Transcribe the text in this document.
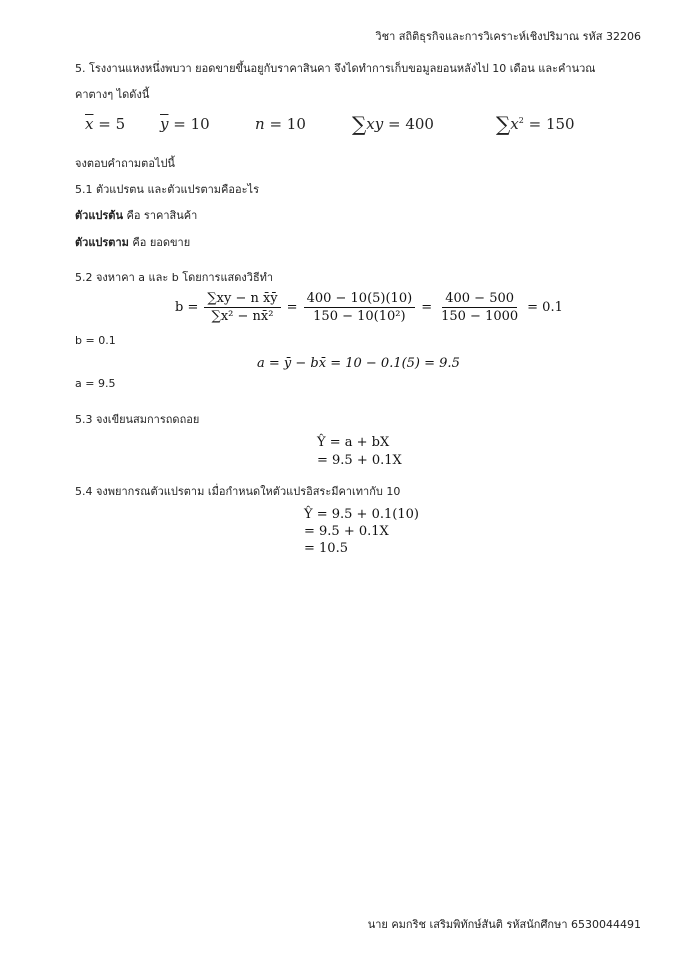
วิชา สถิติธุรกิจและการวิเคราะห์เชิงปริมาณ รหัส 32206
5. โรงงานแหงหนึ่งพบวา ยอดขายขึ้นอยูกับราคาสินคา จึงไดทำการเก็บขอมูลยอนหลังไป 10 เดือน และคำนวณ
คาตางๆ ไดดังนี้
$\overline{x} = 5$ $\overline{y} = 10$	n = 10 ∑xy = 400	$\sum x^2 = 150$
จงตอบคำถามตอไปนี้
5.1 ตัวแปรตน และตัวแปรตามคืออะไร
ตัวแปรต้น คือ ราคาสินค้า
ตัวแปรตาม คือ ยอดขาย
5.2 จงหาคา a และ b โดยการแสดงวิธีทำ
$b = \frac{\text{∑xy − n x̄ȳ}}{\text{∑x² − nx̄²}} = \frac{400 - 10(5)(10)}{\text{150 − 10(10²)}} = \frac{400 - 500}{150 - 1000} = 0.1$
b = 0.1
a = ȳ − bx̄ = 10 − 0.1(5) = 9.5
a = 9.5
5.3 จงเขียนสมการถดถอย
Ŷ = a + bX
= 9.5 + 0.1X
5.4 จงพยากรณตัวแปรตาม เมื่อกำหนดใหตัวแปรอิสระมีคาเทากับ 10
Ŷ = 9.5 + 0.1(10)
= 9.5 + 0.1X
= 10.5
นาย คมกริช เสริมพิทักษ์สันติ รหัสนักศึกษา 6530044491
